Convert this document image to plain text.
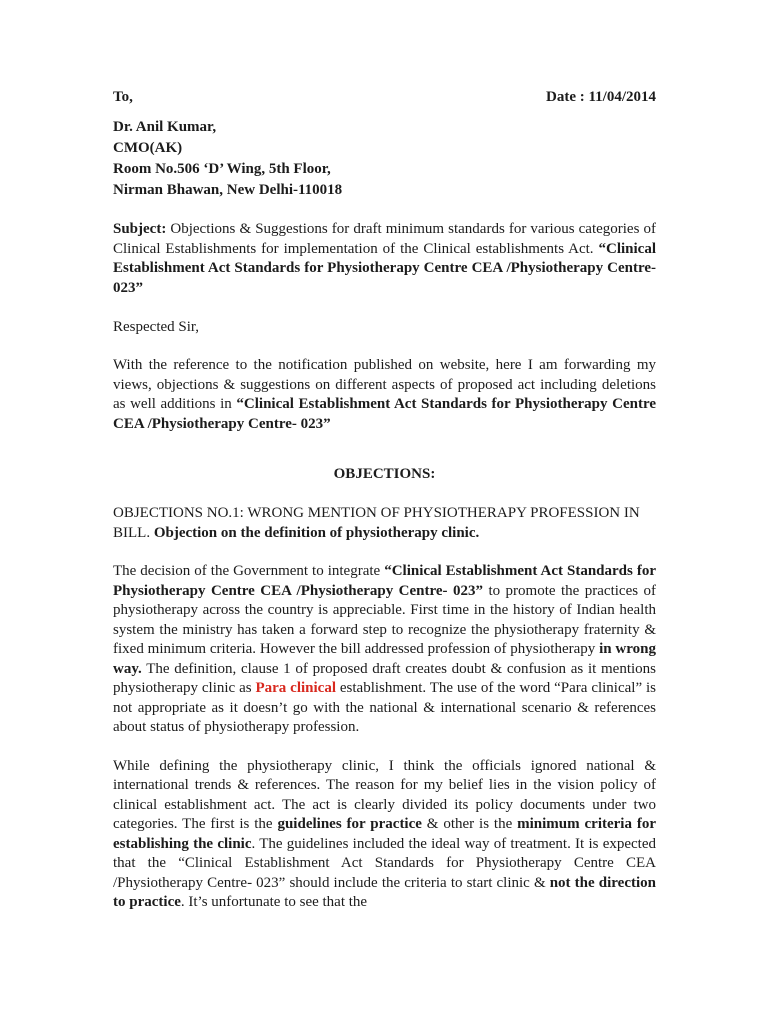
To,	Date : 11/04/2014
Dr. Anil Kumar,
CMO(AK)
Room No.506 ‘D’ Wing, 5th Floor,
Nirman Bhawan, New Delhi-110018

Subject: Objections & Suggestions for draft minimum standards for various categories of Clinical Establishments for implementation of the Clinical establishments Act. “Clinical Establishment Act Standards for Physiotherapy Centre CEA /Physiotherapy Centre- 023”

Respected Sir,

With the reference to the notification published on website, here I am forwarding my views, objections & suggestions on different aspects of proposed act including deletions as well additions in “Clinical Establishment Act Standards for Physiotherapy Centre CEA /Physiotherapy Centre- 023”

OBJECTIONS:

OBJECTIONS NO.1: WRONG MENTION OF PHYSIOTHERAPY PROFESSION IN BILL. Objection on the definition of physiotherapy clinic.

The decision of the Government to integrate “Clinical Establishment Act Standards for Physiotherapy Centre CEA /Physiotherapy Centre- 023” to promote the practices of physiotherapy across the country is appreciable. First time in the history of Indian health system the ministry has taken a forward step to recognize the physiotherapy fraternity & fixed minimum criteria. However the bill addressed profession of physiotherapy in wrong way. The definition, clause 1 of proposed draft creates doubt & confusion as it mentions physiotherapy clinic as Para clinical establishment. The use of the word “Para clinical” is not appropriate as it doesn’t go with the national & international scenario & references about status of physiotherapy profession.

While defining the physiotherapy clinic, I think the officials ignored national & international trends & references. The reason for my belief lies in the vision policy of clinical establishment act. The act is clearly divided its policy documents under two categories. The first is the guidelines for practice & other is the minimum criteria for establishing the clinic. The guidelines included the ideal way of treatment. It is expected that the “Clinical Establishment Act Standards for Physiotherapy Centre CEA /Physiotherapy Centre- 023” should include the criteria to start clinic & not the direction to practice. It’s unfortunate to see that the
